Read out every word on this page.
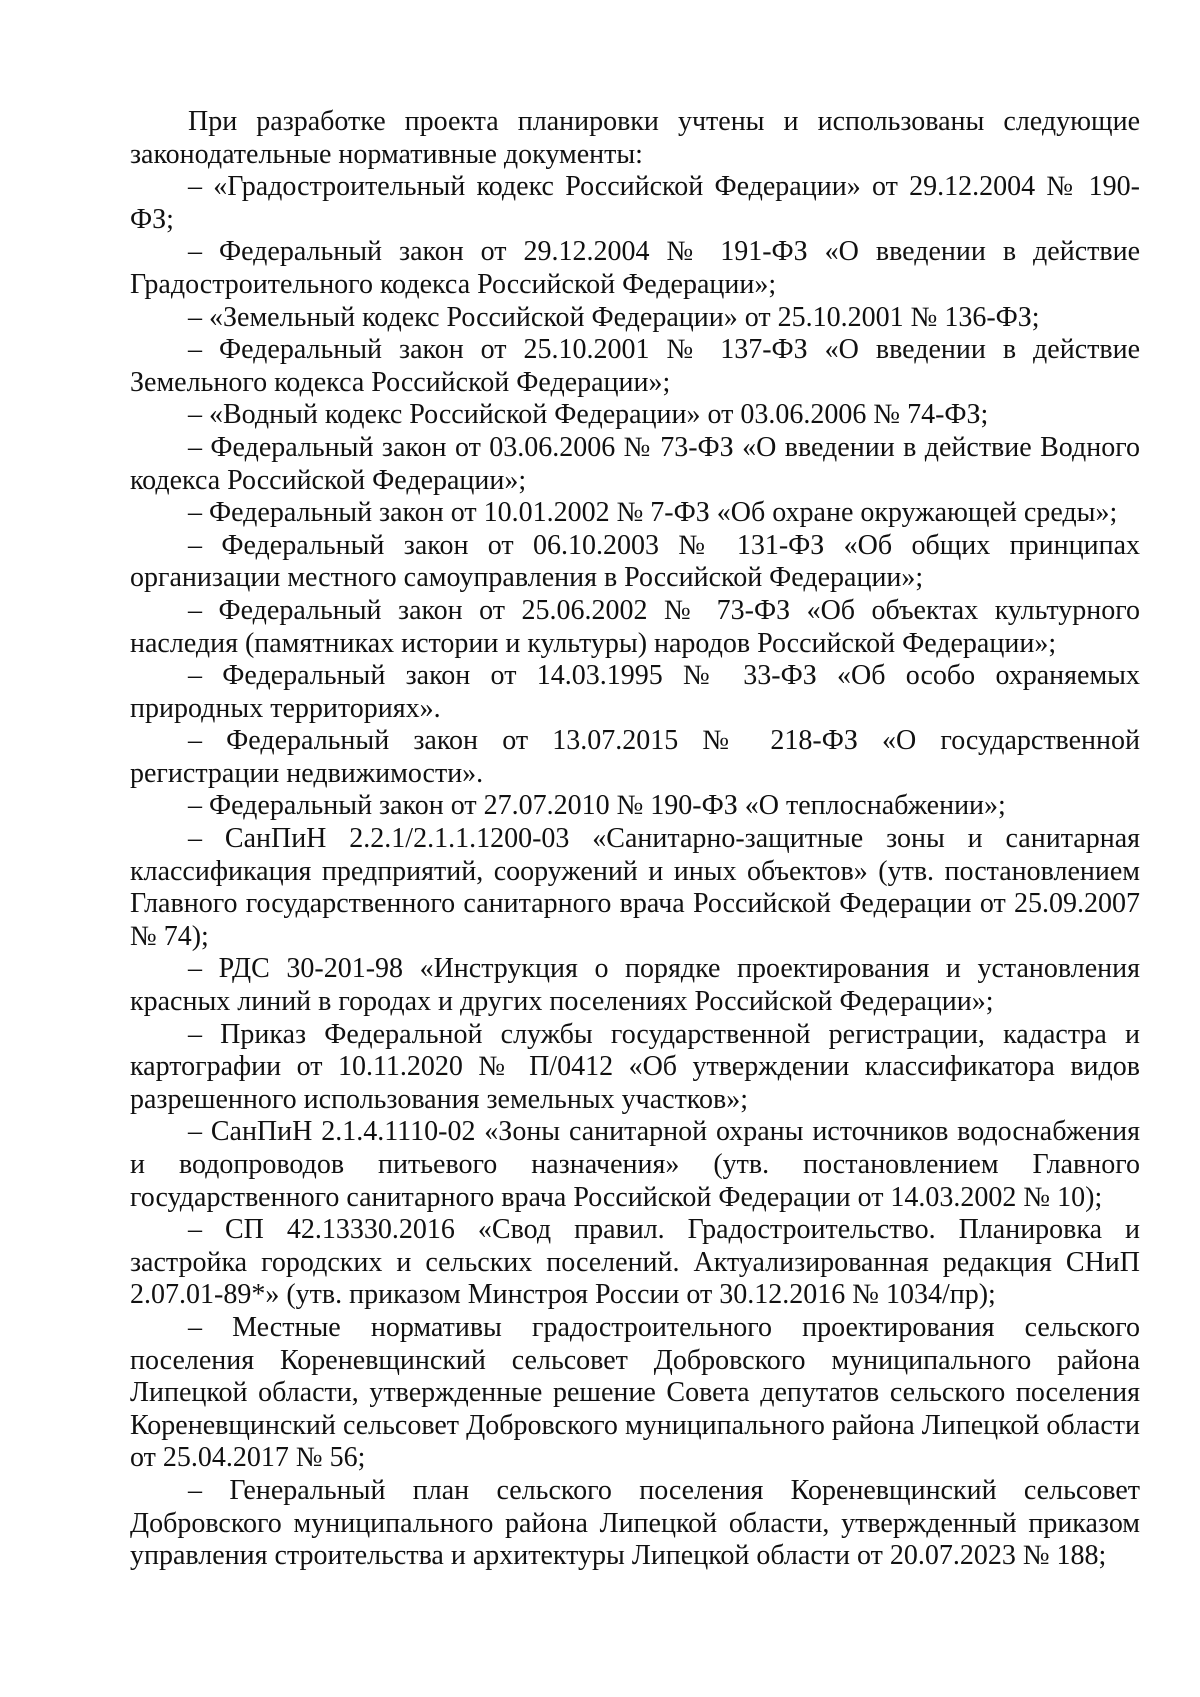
При разработке проекта планировки учтены и использованы следующие законодательные нормативные документы:

– «Градостроительный кодекс Российской Федерации» от 29.12.2004 № 190-ФЗ;

– Федеральный закон от 29.12.2004 № 191-ФЗ «О введении в действие Градостроительного кодекса Российской Федерации»;

– «Земельный кодекс Российской Федерации» от 25.10.2001 № 136-ФЗ;

– Федеральный закон от 25.10.2001 № 137-ФЗ «О введении в действие Земельного кодекса Российской Федерации»;

– «Водный кодекс Российской Федерации» от 03.06.2006 № 74-ФЗ;

– Федеральный закон от 03.06.2006 № 73-ФЗ «О введении в действие Водного кодекса Российской Федерации»;

– Федеральный закон от 10.01.2002 № 7-ФЗ «Об охране окружающей среды»;

– Федеральный закон от 06.10.2003 № 131-ФЗ «Об общих принципах организации местного самоуправления в Российской Федерации»;

– Федеральный закон от 25.06.2002 № 73-ФЗ «Об объектах культурного наследия (памятниках истории и культуры) народов Российской Федерации»;

– Федеральный закон от 14.03.1995 № 33-ФЗ «Об особо охраняемых природных территориях».

– Федеральный закон от 13.07.2015 № 218-ФЗ «О государственной регистрации недвижимости».

– Федеральный закон от 27.07.2010 № 190-ФЗ «О теплоснабжении»;

– СанПиН 2.2.1/2.1.1.1200-03 «Санитарно-защитные зоны и санитарная классификация предприятий, сооружений и иных объектов» (утв. постановлением Главного государственного санитарного врача Российской Федерации от 25.09.2007 № 74);

– РДС 30-201-98 «Инструкция о порядке проектирования и установления красных линий в городах и других поселениях Российской Федерации»;

– Приказ Федеральной службы государственной регистрации, кадастра и картографии от 10.11.2020 № П/0412 «Об утверждении классификатора видов разрешенного использования земельных участков»;

– СанПиН 2.1.4.1110-02 «Зоны санитарной охраны источников водоснабжения и водопроводов питьевого назначения» (утв. постановлением Главного государственного санитарного врача Российской Федерации от 14.03.2002 № 10);

– СП 42.13330.2016 «Свод правил. Градостроительство. Планировка и застройка городских и сельских поселений. Актуализированная редакция СНиП 2.07.01-89*» (утв. приказом Минстроя России от 30.12.2016 № 1034/пр);

– Местные нормативы градостроительного проектирования сельского поселения Кореневщинский сельсовет Добровского муниципального района Липецкой области, утвержденные решение Совета депутатов сельского поселения Кореневщинский сельсовет Добровского муниципального района Липецкой области от 25.04.2017 № 56;

– Генеральный план сельского поселения Кореневщинский сельсовет Добровского муниципального района Липецкой области, утвержденный приказом управления строительства и архитектуры Липецкой области от 20.07.2023 № 188;
